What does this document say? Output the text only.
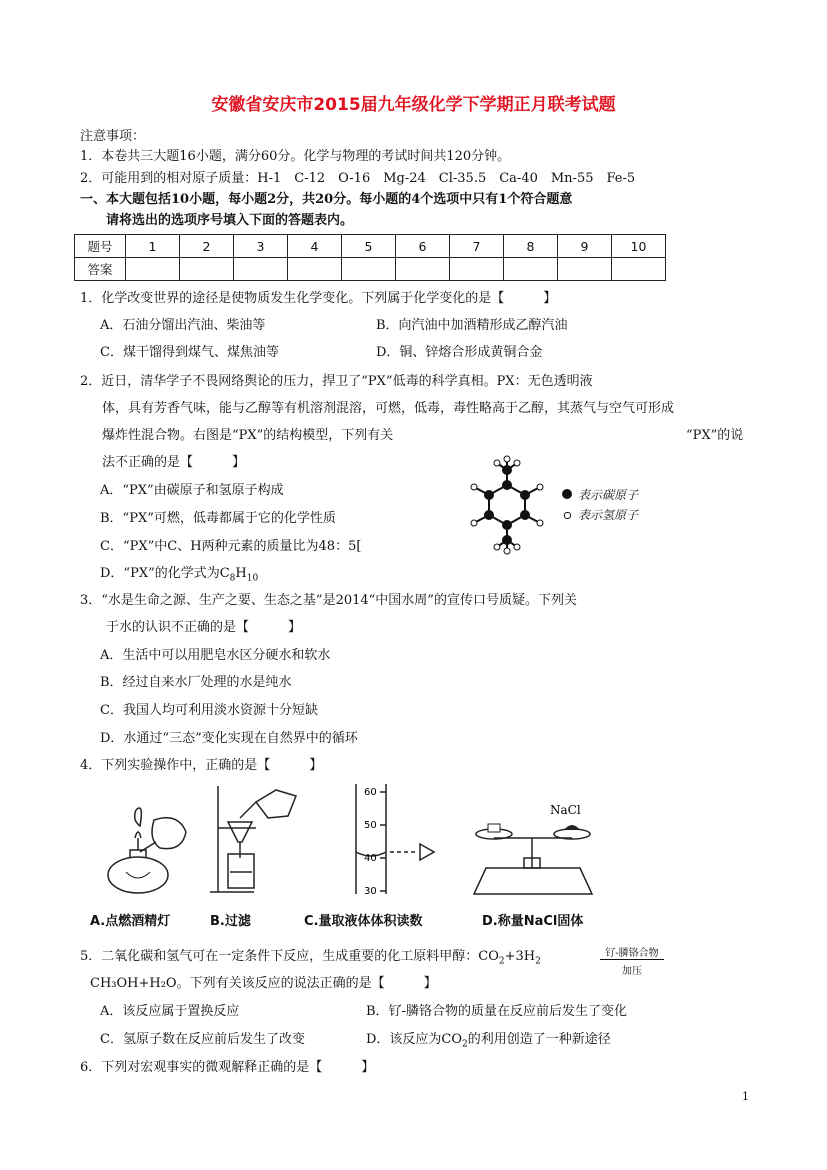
安徽省安庆市2015届九年级化学下学期正月联考试题
注意事项：
1．本卷共三大题16小题，满分60分。化学与物理的考试时间共120分钟。
2．可能用到的相对原子质量：H-1　C-12　O-16　Mg-24　Cl-35.5　Ca-40　Mn-55　Fe-5
一、本大题包括10小题，每小题2分，共20分。每小题的4个选项中只有1个符合题意
请将选出的选项序号填入下面的答题表内。
题号	1	2	3	4	5	6	7	8	9	10
答案										
1．化学改变世界的途径是使物质发生化学变化。下列属于化学变化的是【　　　】
A．石油分馏出汽油、柴油等	B．向汽油中加酒精形成乙醇汽油
C．煤干馏得到煤气、煤焦油等	D．铜、锌熔合形成黄铜合金
2．近日，清华学子不畏网络舆论的压力，捍卫了“PX”低毒的科学真相。PX：无色透明液
体，具有芳香气味，能与乙醇等有机溶剂混溶，可燃，低毒，毒性略高于乙醇，其蒸气与空气可形成
爆炸性混合物。右图是“PX”的结构模型，下列有关	“PX”的说
法不正确的是【　　　】
A．“PX”由碳原子和氢原子构成
B．“PX”可燃，低毒都属于它的化学性质
C．“PX”中C、H两种元素的质量比为48：5[
D．“PX”的化学式为$C_8H_{10}$
表示碳原子
表示氢原子
3．“水是生命之源、生产之要、生态之基”是2014“中国水周”的宣传口号质疑。下列关
于水的认识不正确的是【　　　】
A．生活中可以用肥皂水区分硬水和软水
B．经过自来水厂处理的水是纯水
C．我国人均可利用淡水资源十分短缺
D．水通过“三态”变化实现在自然界中的循环
4．下列实验操作中，正确的是【　　　】
60
50
40
30
NaCl
A.点燃酒精灯	B.过滤	C.量取液体体积读数	D.称量NaCl固体
5．二氧化碳和氢气可在一定条件下反应，生成重要的化工原料甲醇：$CO_2+3H_2$
钌-膦铬合物
加压
CH₃OH+H₂O。下列有关该反应的说法正确的是【　　　】
A．该反应属于置换反应	B．钌-膦铬合物的质量在反应前后发生了变化
C．氢原子数在反应前后发生了改变	D．该反应为$CO_2$的利用创造了一种新途径
6．下列对宏观事实的微观解释正确的是【　　　】
1
